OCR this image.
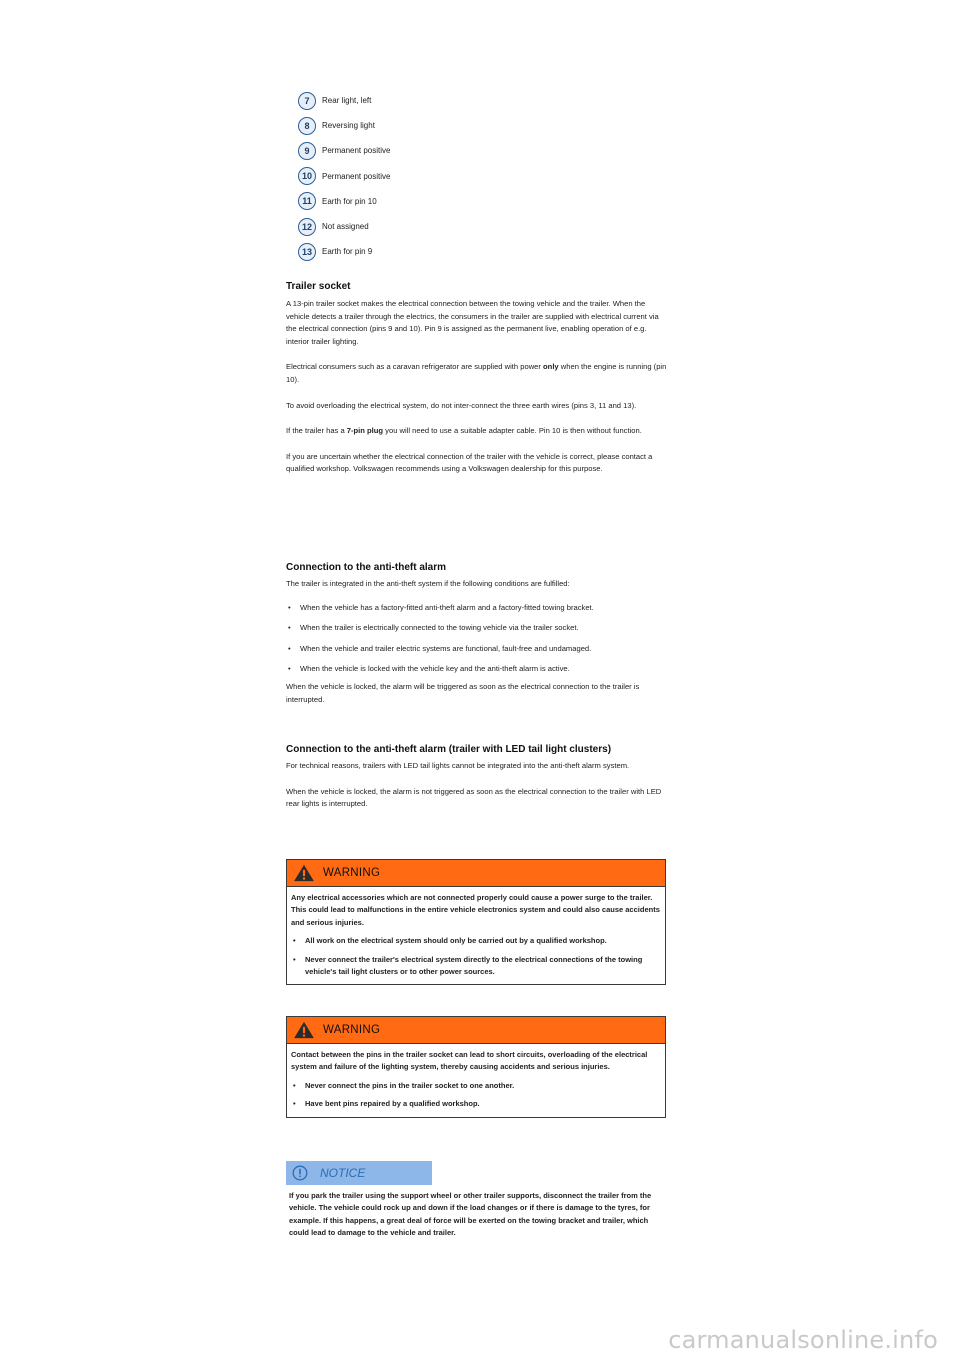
7	Rear light, left
8	Reversing light
9	Permanent positive
10	Permanent positive
11	Earth for pin 10
12	Not assigned
13	Earth for pin 9
Trailer socket

A 13-pin trailer socket makes the electrical connection between the towing vehicle and the trailer. When the vehicle detects a trailer through the electrics, the consumers in the trailer are supplied with electrical current via the electrical connection (pins 9 and 10). Pin 9 is assigned as the permanent live, enabling operation of e.g. interior trailer lighting.

Electrical consumers such as a caravan refrigerator are supplied with power only when the engine is running (pin 10).

To avoid overloading the electrical system, do not inter-connect the three earth wires (pins 3, 11 and 13).

If the trailer has a 7-pin plug you will need to use a suitable adapter cable. Pin 10 is then without function.

If you are uncertain whether the electrical connection of the trailer with the vehicle is correct, please contact a qualified workshop. Volkswagen recommends using a Volkswagen dealership for this purpose.

Connection to the anti-theft alarm

The trailer is integrated in the anti-theft system if the following conditions are fulfilled:

• When the vehicle has a factory-fitted anti-theft alarm and a factory-fitted towing bracket.
• When the trailer is electrically connected to the towing vehicle via the trailer socket.
• When the vehicle and trailer electric systems are functional, fault-free and undamaged.
• When the vehicle is locked with the vehicle key and the anti-theft alarm is active.

When the vehicle is locked, the alarm will be triggered as soon as the electrical connection to the trailer is interrupted.

Connection to the anti-theft alarm (trailer with LED tail light clusters)

For technical reasons, trailers with LED tail lights cannot be integrated into the anti-theft alarm system.

When the vehicle is locked, the alarm is not triggered as soon as the electrical connection to the trailer with LED rear lights is interrupted.

WARNING

Any electrical accessories which are not connected properly could cause a power surge to the trailer. This could lead to malfunctions in the entire vehicle electronics system and could also cause accidents and serious injuries.

• All work on the electrical system should only be carried out by a qualified workshop.
• Never connect the trailer's electrical system directly to the electrical connections of the towing vehicle's tail light clusters or to other power sources.
WARNING

Contact between the pins in the trailer socket can lead to short circuits, overloading of the electrical system and failure of the lighting system, thereby causing accidents and serious injuries.

• Never connect the pins in the trailer socket to one another.
• Have bent pins repaired by a qualified workshop.
NOTICE

If you park the trailer using the support wheel or other trailer supports, disconnect the trailer from the vehicle. The vehicle could rock up and down if the load changes or if there is damage to the tyres, for example. If this happens, a great deal of force will be exerted on the towing bracket and trailer, which could lead to damage to the vehicle and trailer.

carmanualsonline.info
